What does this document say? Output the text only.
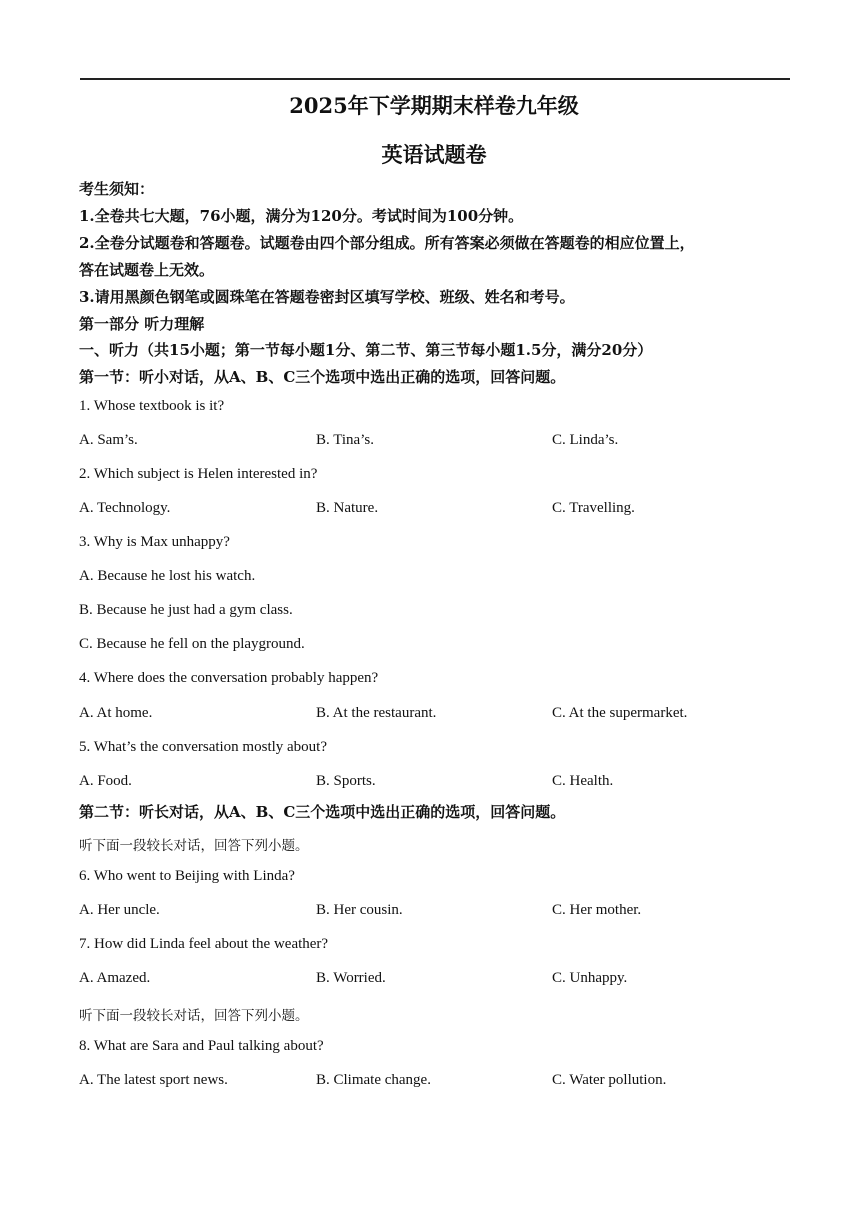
2025年下学期期末样卷九年级
英语试题卷
考生须知：
1.全卷共七大题，76小题，满分为120分。考试时间为100分钟。
2.全卷分试题卷和答题卷。试题卷由四个部分组成。所有答案必须做在答题卷的相应位置上，
答在试题卷上无效。
3.请用黑颜色钢笔或圆珠笔在答题卷密封区填写学校、班级、姓名和考号。
第一部分 听力理解
一、听力（共15小题；第一节每小题1分、第二节、第三节每小题1.5分，满分20分）
第一节：听小对话，从A、B、C三个选项中选出正确的选项，回答问题。
1. Whose textbook is it?
A. Sam’s.	B. Tina’s.	C. Linda’s.
2. Which subject is Helen interested in?
A. Technology.	B. Nature.	C. Travelling.
3. Why is Max unhappy?
A. Because he lost his watch.
B. Because he just had a gym class.
C. Because he fell on the playground.
4. Where does the conversation probably happen?
A. At home.	B. At the restaurant.	C. At the supermarket.
5. What’s the conversation mostly about?
A. Food.	B. Sports.	C. Health.
第二节：听长对话，从A、B、C三个选项中选出正确的选项，回答问题。
听下面一段较长对话，回答下列小题。
6. Who went to Beijing with Linda?
A. Her uncle.	B. Her cousin.	C. Her mother.
7. How did Linda feel about the weather?
A. Amazed.	B. Worried.	C. Unhappy.
听下面一段较长对话，回答下列小题。
8. What are Sara and Paul talking about?
A. The latest sport news.	B. Climate change.	C. Water pollution.
